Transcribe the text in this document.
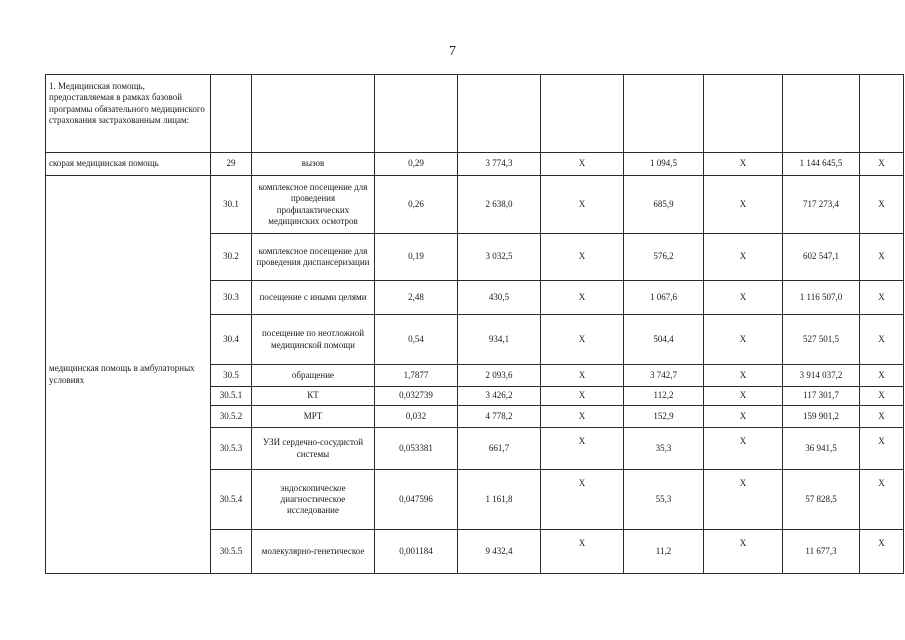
7
1. Медицинская помощь, предоставляемая в рамках базовой программы обязательного медицинского страхования застрахованным лицам:									
скорая медицинская помощь	29	вызов	0,29	3 774,3	Х	1 094,5	Х	1 144 645,5	Х
медицинская помощь в амбулаторных условиях	30.1	комплексное посещение для проведения профилактических медицинских осмотров	0,26	2 638,0	Х	685,9	Х	717 273,4	Х
	30.2	комплексное посещение для проведения диспансеризации	0,19	3 032,5	Х	576,2	Х	602 547,1	Х
	30.3	посещение с иными целями	2,48	430,5	Х	1 067,6	Х	1 116 507,0	Х
	30.4	посещение по неотложной медицинской помощи	0,54	934,1	Х	504,4	Х	527 501,5	Х
	30.5	обращение	1,7877	2 093,6	Х	3 742,7	Х	3 914 037,2	Х
	30.5.1	КТ	0,032739	3 426,2	Х	112,2	Х	117 301,7	Х
	30.5.2	МРТ	0,032	4 778,2	Х	152,9	Х	159 901,2	Х
	30.5.3	УЗИ сердечно-сосудистой системы	0,053381	661,7	Х	35,3	Х	36 941,5	Х
	30.5.4	эндоскопическое диагностическое исследование	0,047596	1 161,8	Х	55,3	Х	57 828,5	Х
	30.5.5	молекулярно-генетическое	0,001184	9 432,4	Х	11,2	Х	11 677,3	Х
